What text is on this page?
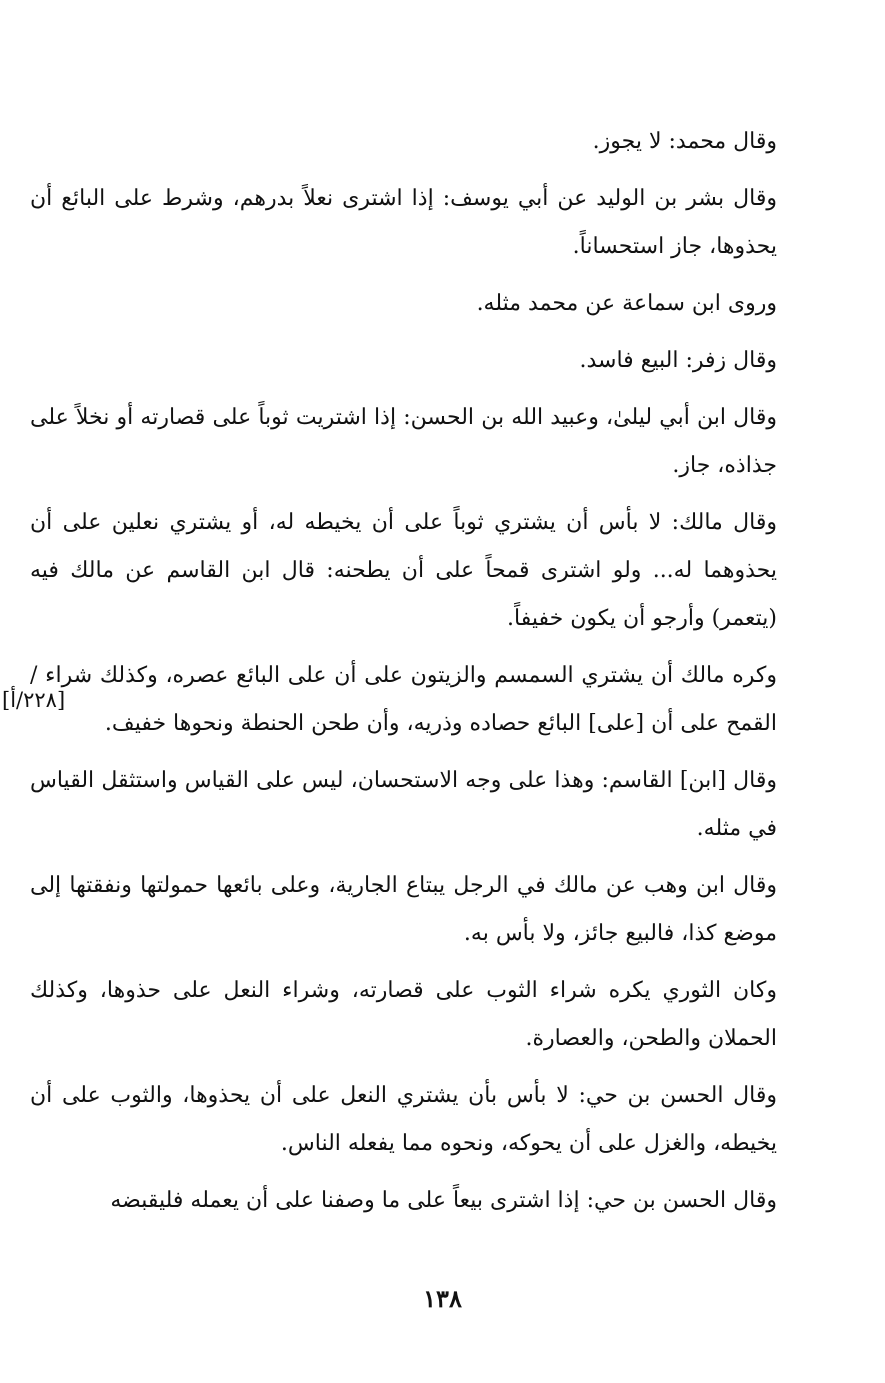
وقال محمد: لا يجوز.

وقال بشر بن الوليد عن أبي يوسف: إذا اشترى نعلاً بدرهم، وشرط على البائع أن يحذوها، جاز استحساناً.

وروى ابن سماعة عن محمد مثله.

وقال زفر: البيع فاسد.

وقال ابن أبي ليلىٰ، وعبيد الله بن الحسن: إذا اشتريت ثوباً على قصارته أو نخلاً على جذاذه، جاز.

وقال مالك: لا بأس أن يشتري ثوباً على أن يخيطه له، أو يشتري نعلين على أن يحذوهما له... ولو اشترى قمحاً على أن يطحنه: قال ابن القاسم عن مالك فيه (يتعمر) وأرجو أن يكون خفيفاً.

وكره مالك أن يشتري السمسم والزيتون على أن على البائع عصره، وكذلك شراء / القمح على أن [على] البائع حصاده وذريه، وأن طحن الحنطة ونحوها خفيف.

وقال [ابن] القاسم: وهذا على وجه الاستحسان، ليس على القياس واستثقل القياس في مثله.

وقال ابن وهب عن مالك في الرجل يبتاع الجارية، وعلى بائعها حمولتها ونفقتها إلى موضع كذا، فالبيع جائز، ولا بأس به.

وكان الثوري يكره شراء الثوب على قصارته، وشراء النعل على حذوها، وكذلك الحملان والطحن، والعصارة.

وقال الحسن بن حي: لا بأس بأن يشتري النعل على أن يحذوها، والثوب على أن يخيطه، والغزل على أن يحوكه، ونحوه مما يفعله الناس.

وقال الحسن بن حي: إذا اشترى بيعاً على ما وصفنا على أن يعمله فليقبضه

[٢٢٨/أ]
١٣٨
